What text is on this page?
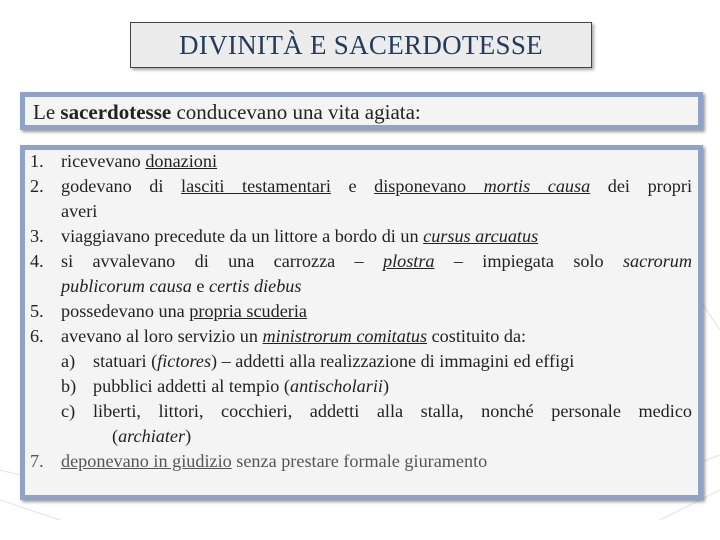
DIVINITÀ E SACERDOTESSE
Le sacerdotesse conducevano una vita agiata:
1. ricevevano donazioni
2. godevano di lasciti testamentari e disponevano mortis causa dei propri
averi
3. viaggiavano precedute da un littore a bordo di un cursus arcuatus
4. si avvalevano di una carrozza – plostra – impiegata solo sacrorum
publicorum causa e certis diebus
5. possedevano una propria scuderia
6. avevano al loro servizio un ministrorum comitatus costituito da:
a) statuari (fictores) – addetti alla realizzazione di immagini ed effigi
b) pubblici addetti al tempio (antischolarii)
c) liberti, littori, cocchieri, addetti alla stalla, nonché personale medico
(archiater)
7. deponevano in giudizio senza prestare formale giuramento
